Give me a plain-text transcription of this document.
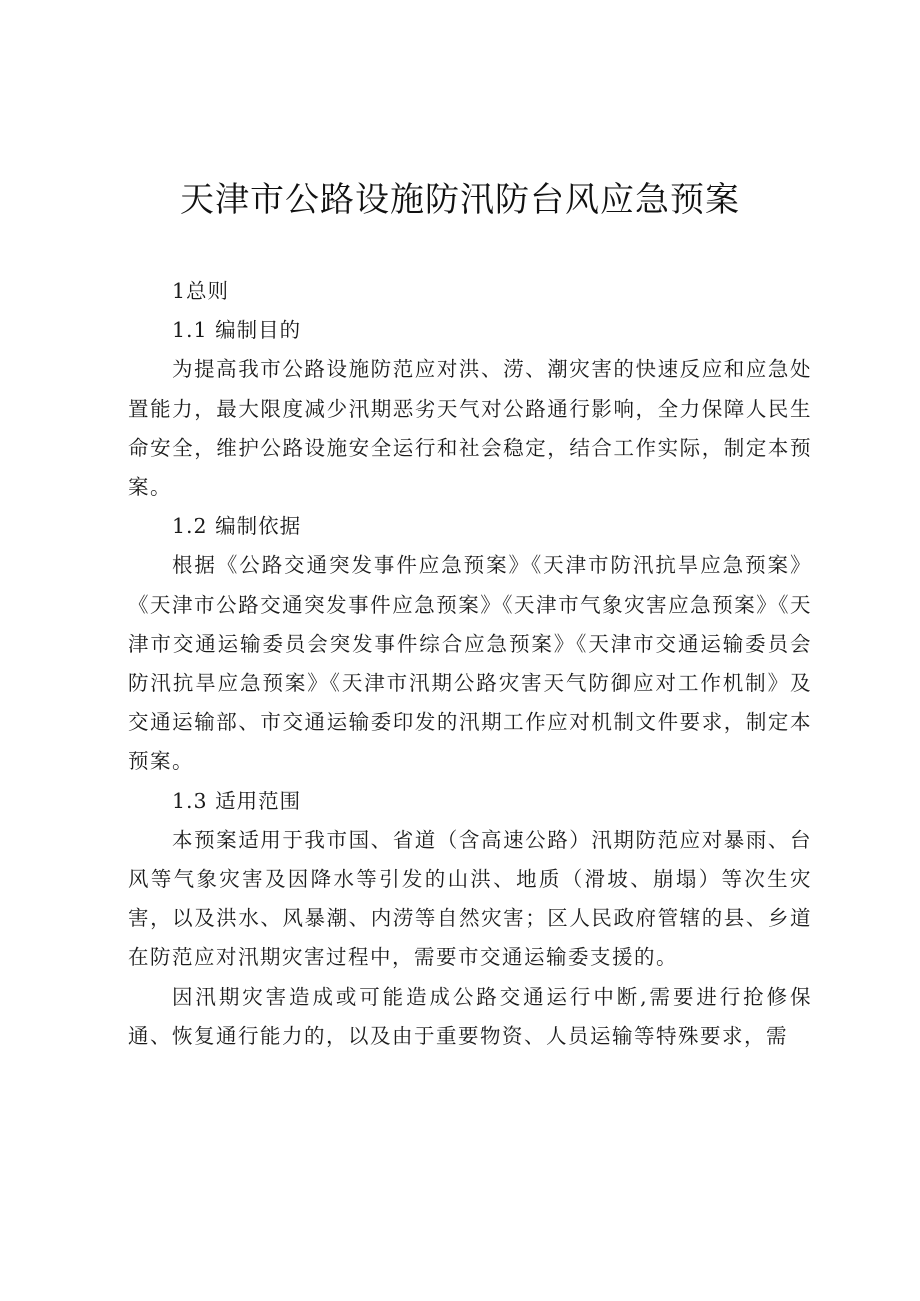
天津市公路设施防汛防台风应急预案

1总则

1.1 编制目的

为提高我市公路设施防范应对洪、涝、潮灾害的快速反应和应急处置能力，最大限度减少汛期恶劣天气对公路通行影响，全力保障人民生命安全，维护公路设施安全运行和社会稳定，结合工作实际，制定本预案。

1.2 编制依据

根据《公路交通突发事件应急预案》《天津市防汛抗旱应急预案》《天津市公路交通突发事件应急预案》《天津市气象灾害应急预案》《天津市交通运输委员会突发事件综合应急预案》《天津市交通运输委员会防汛抗旱应急预案》《天津市汛期公路灾害天气防御应对工作机制》及交通运输部、市交通运输委印发的汛期工作应对机制文件要求，制定本预案。

1.3 适用范围

本预案适用于我市国、省道（含高速公路）汛期防范应对暴雨、台风等气象灾害及因降水等引发的山洪、地质（滑坡、崩塌）等次生灾害，以及洪水、风暴潮、内涝等自然灾害；区人民政府管辖的县、乡道在防范应对汛期灾害过程中，需要市交通运输委支援的。

因汛期灾害造成或可能造成公路交通运行中断,需要进行抢修保通、恢复通行能力的，以及由于重要物资、人员运输等特殊要求，需
